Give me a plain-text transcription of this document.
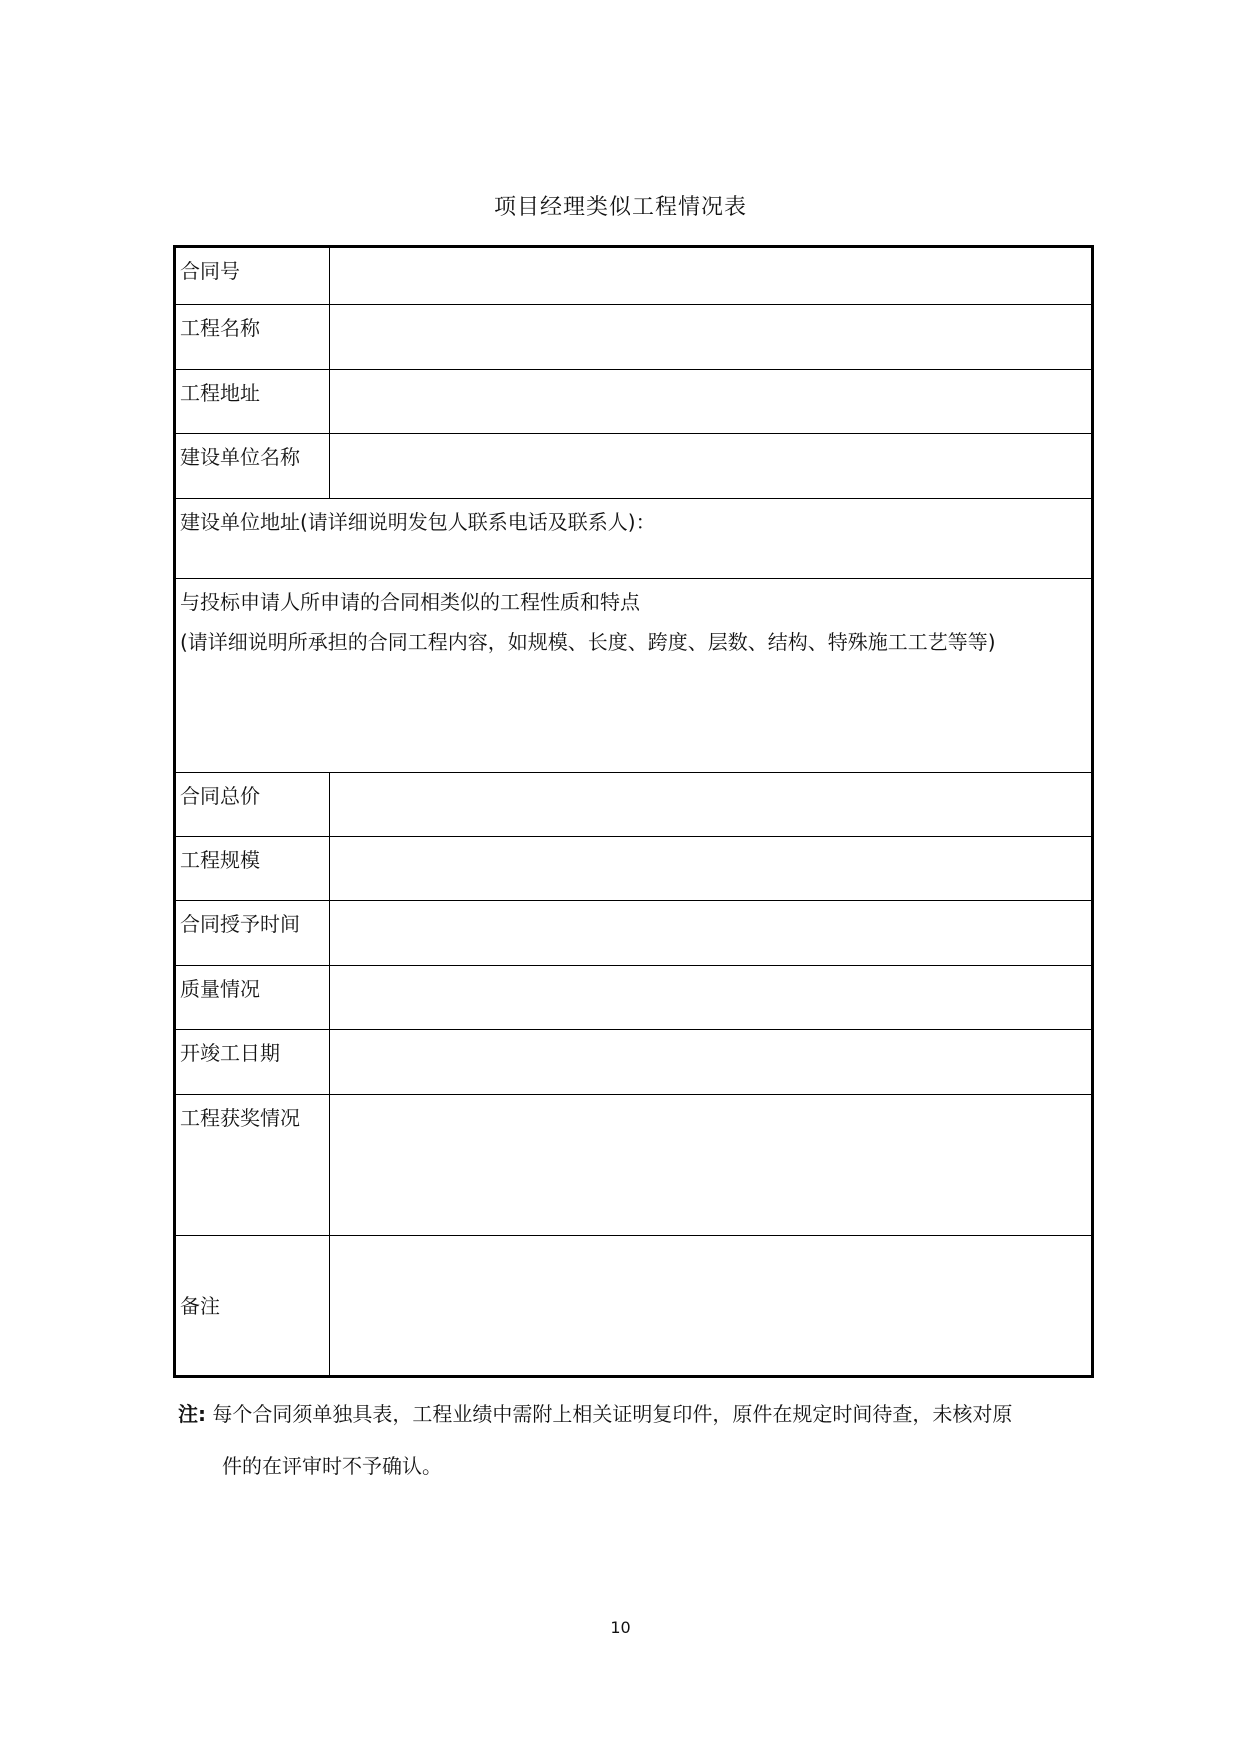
项目经理类似工程情况表
合同号	
工程名称	
工程地址	
建设单位名称	

建设单位地址(请详细说明发包人联系电话及联系人)：	

与投标申请人所申请的合同相类似的工程性质和特点

(请详细说明所承担的合同工程内容，如规模、长度、跨度、层数、结构、特殊施工工艺等等)	

合同总价	
工程规模	
合同授予时间	
质量情况	
开竣工日期	
工程获奖情况	
备注	
注: 每个合同须单独具表，工程业绩中需附上相关证明复印件，原件在规定时间待查，未核对原
件的在评审时不予确认。
10
